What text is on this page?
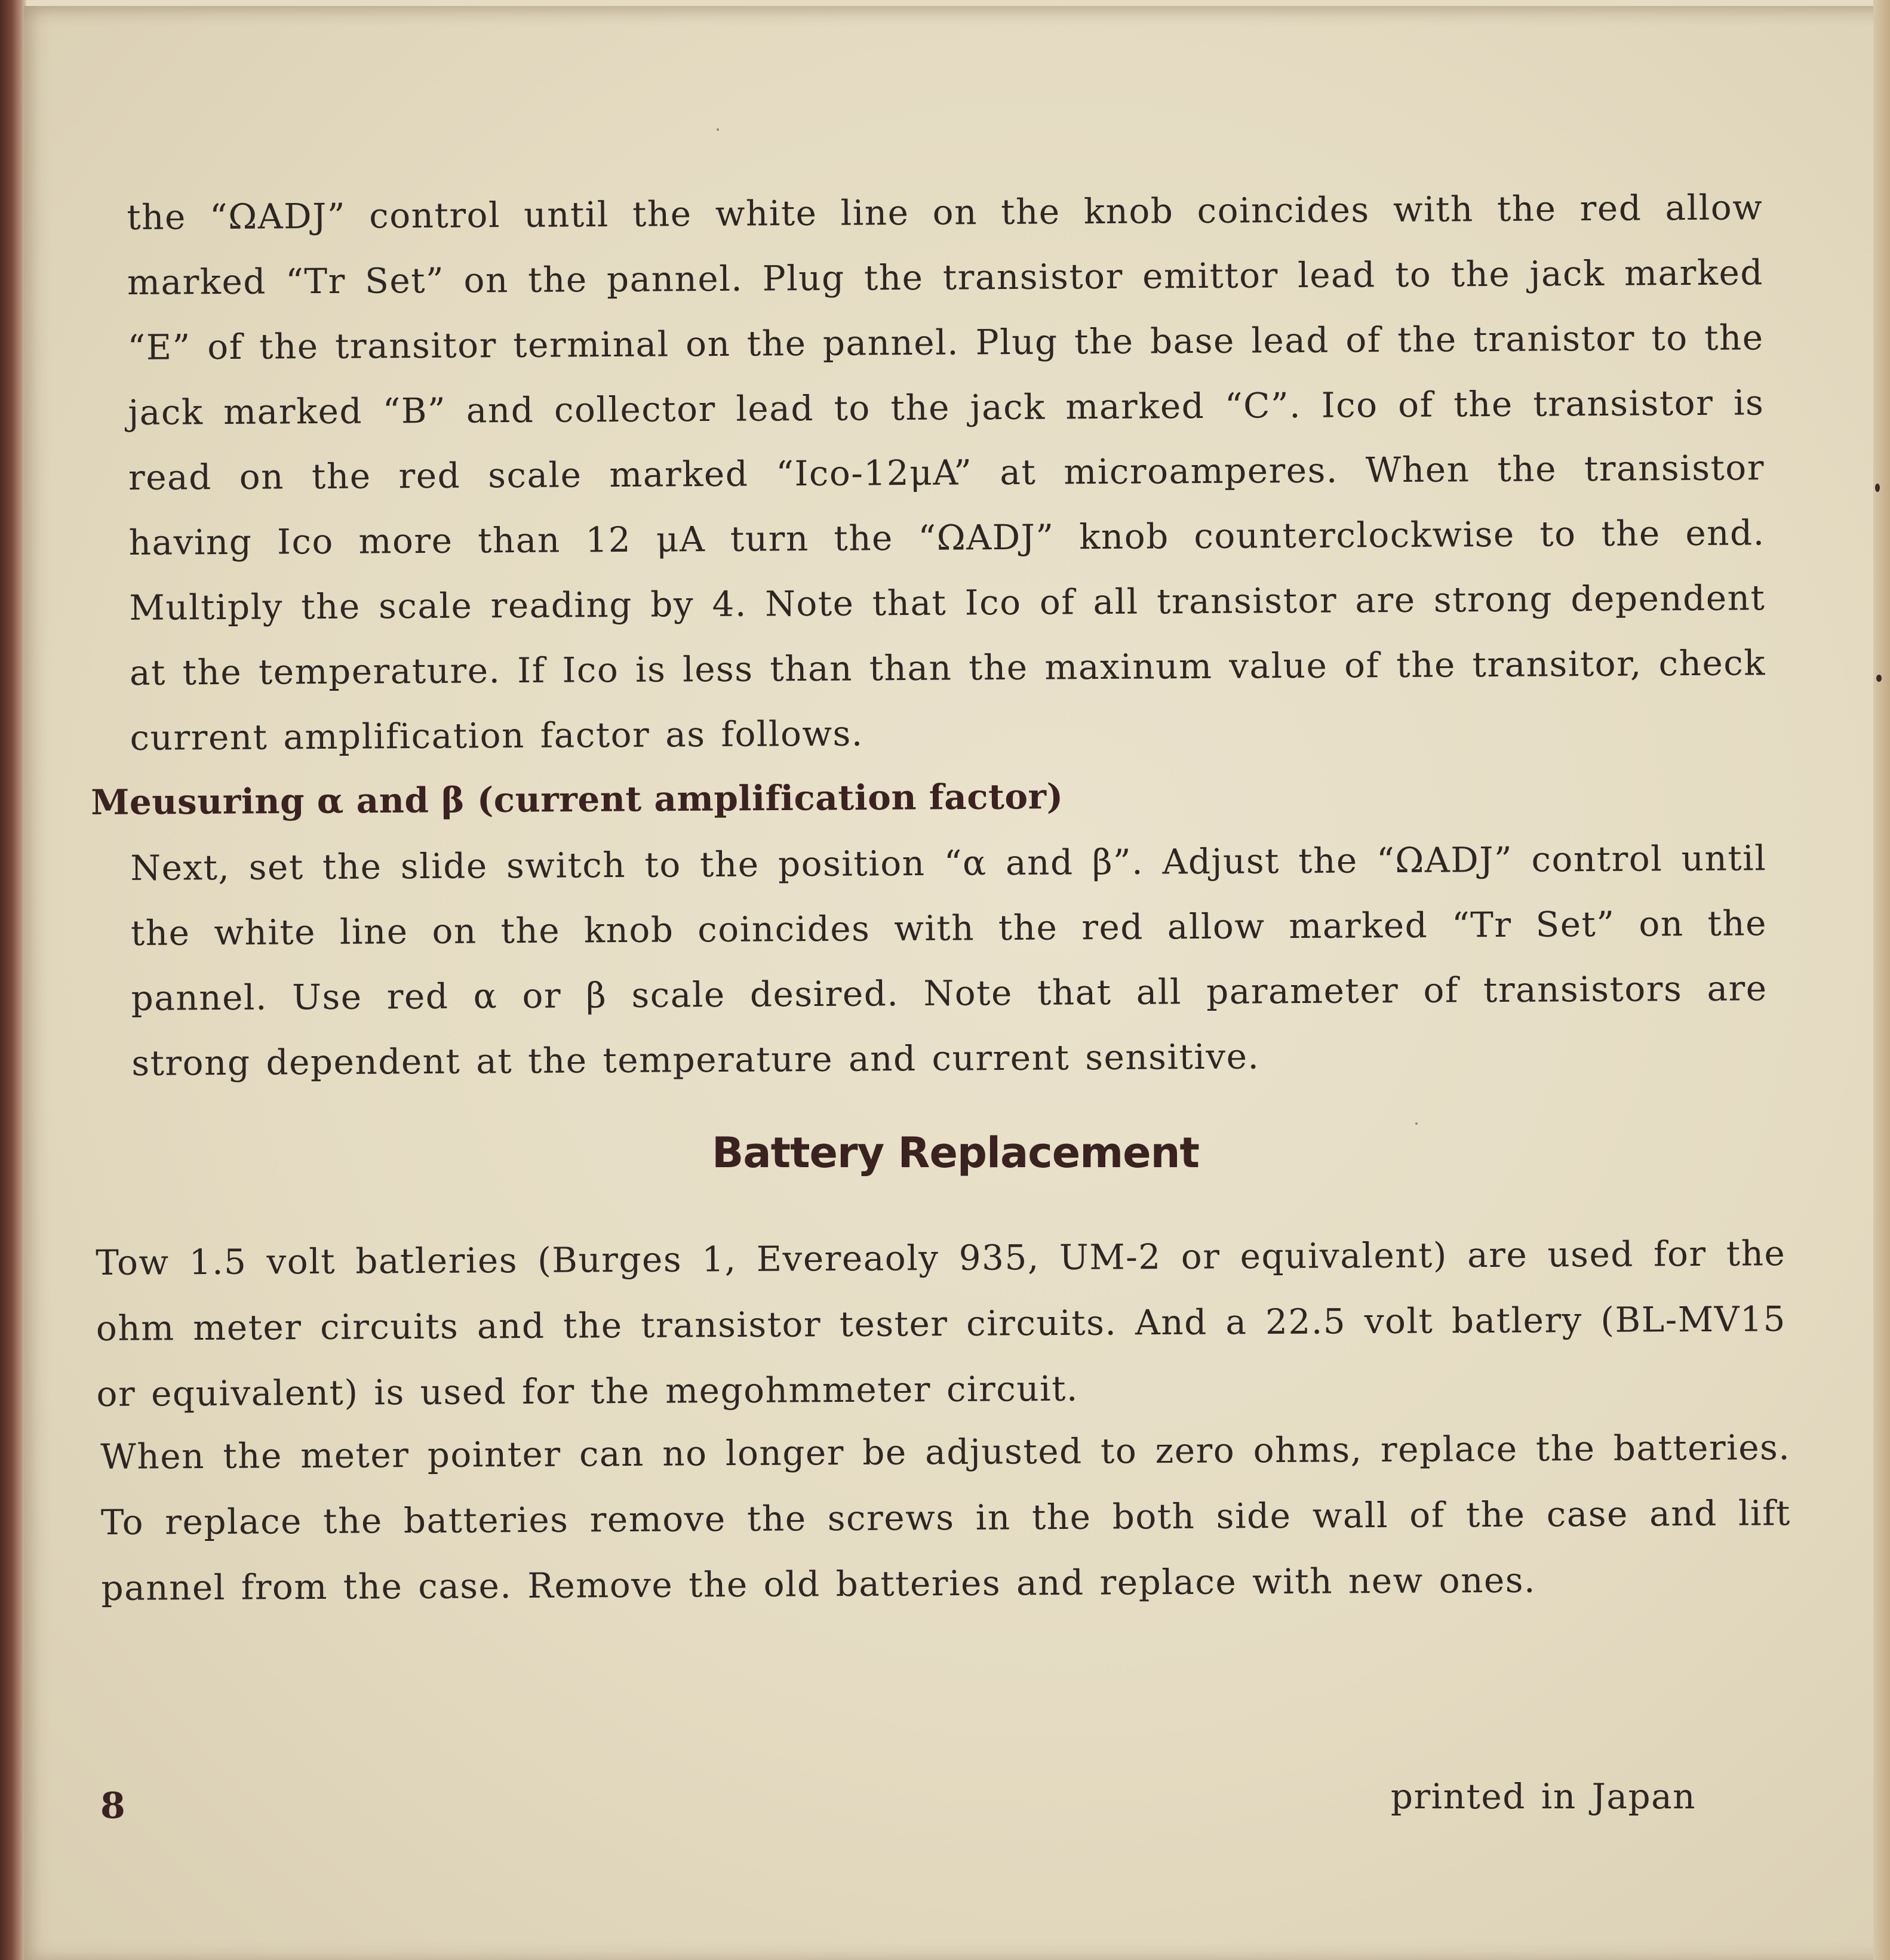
the “ΩADJ” control until the white line on the knob coincides with the red allow marked “Tr Set” on the pannel. Plug the transistor emittor lead to the jack marked “E” of the transitor terminal on the pannel. Plug the base lead of the tranistor to the jack marked “B” and collector lead to the jack marked “C”. Ico of the transistor is read on the red scale marked “Ico-12μA” at microamperes. When the transistor having Ico more than 12 μA turn the “ΩADJ” knob counterclockwise to the end. Multiply the scale reading by 4. Note that Ico of all transistor are strong dependent at the temperature. If Ico is less than than the maxinum value of the transitor, check current amplification factor as follows.

Meusuring α and β (current amplification factor)

Next, set the slide switch to the position “α and β”. Adjust the “ΩADJ” control until the white line on the knob coincides with the red allow marked “Tr Set” on the pannel. Use red α or β scale desired. Note that all parameter of transistors are strong dependent at the temperature and current sensitive.

Battery Replacement

Tow 1.5 volt batleries (Burges 1, Evereaoly 935, UM-2 or equivalent) are used for the ohm meter circuits and the transistor tester circuits. And a 22.5 volt batlery (BL-MV15 or equivalent) is used for the megohmmeter circuit.

When the meter pointer can no longer be adjusted to zero ohms, replace the batteries. To replace the batteries remove the screws in the both side wall of the case and lift pannel from the case. Remove the old batteries and replace with new ones.

8	printed in Japan
